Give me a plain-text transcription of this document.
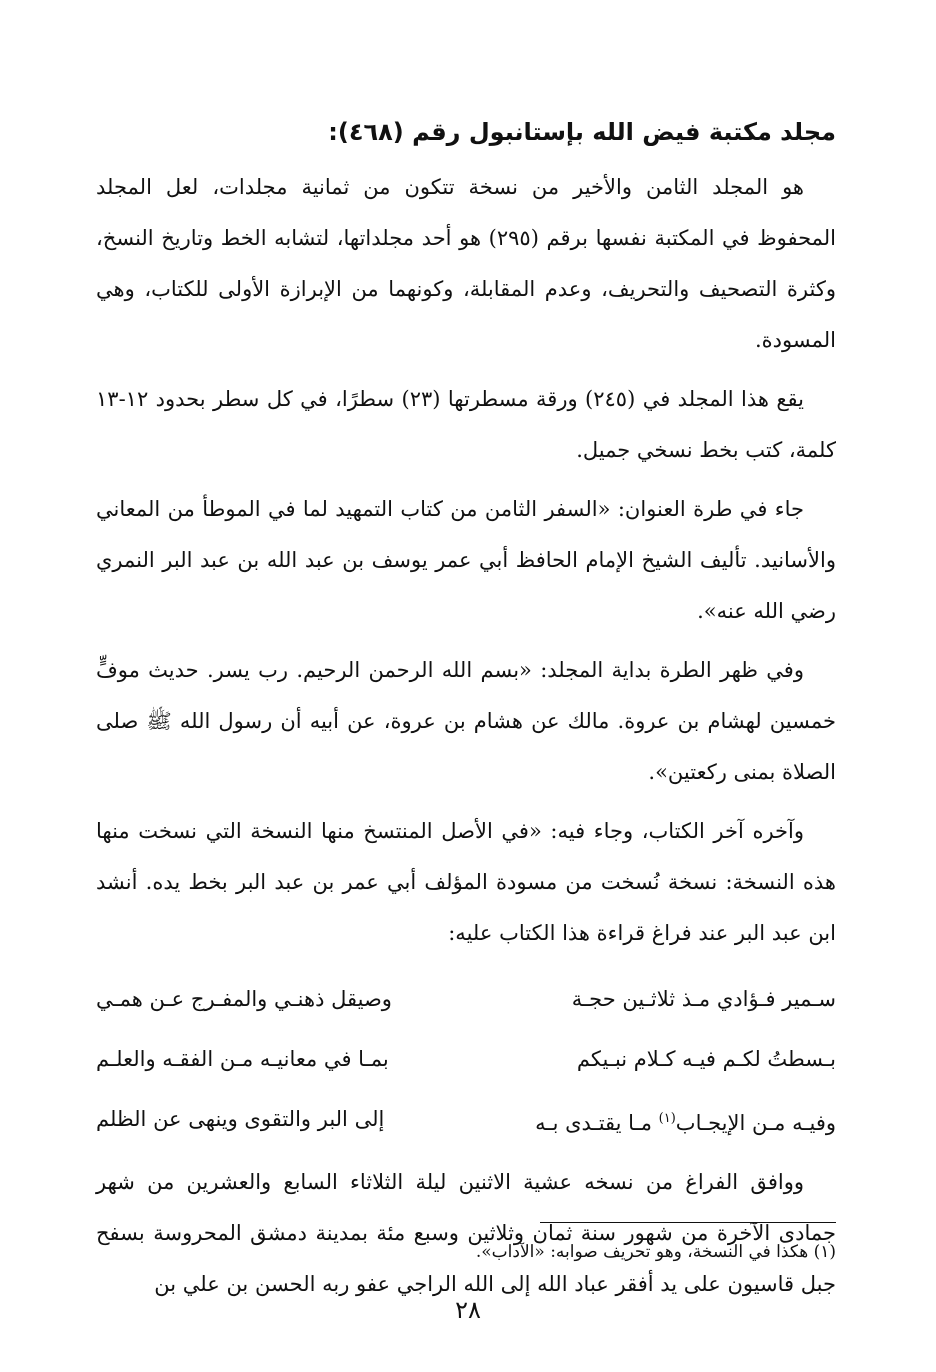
مجلد مكتبة فيض الله بإستانبول رقم (٤٦٨):

هو المجلد الثامن والأخير من نسخة تتكون من ثمانية مجلدات، لعل المجلد المحفوظ في المكتبة نفسها برقم (٢٩٥) هو أحد مجلداتها، لتشابه الخط وتاريخ النسخ، وكثرة التصحيف والتحريف، وعدم المقابلة، وكونهما من الإبرازة الأولى للكتاب، وهي المسودة.

يقع هذا المجلد في (٢٤٥) ورقة مسطرتها (٢٣) سطرًا، في كل سطر بحدود ١٢-١٣ كلمة، كتب بخط نسخي جميل.

جاء في طرة العنوان: «السفر الثامن من كتاب التمهيد لما في الموطأ من المعاني والأسانيد. تأليف الشيخ الإمام الحافظ أبي عمر يوسف بن عبد الله بن عبد البر النمري رضي الله عنه».

وفي ظهر الطرة بداية المجلد: «بسم الله الرحمن الرحيم. رب يسر. حديث موفٍّ خمسين لهشام بن عروة. مالك عن هشام بن عروة، عن أبيه أن رسول الله ﷺ صلى الصلاة بمنى ركعتين».

وآخره آخر الكتاب، وجاء فيه: «في الأصل المنتسخ منها النسخة التي نسخت منها هذه النسخة: نسخة نُسخت من مسودة المؤلف أبي عمر بن عبد البر بخط يده. أنشد ابن عبد البر عند فراغ قراءة هذا الكتاب عليه:

سـمير فـؤادي مـذ ثلاثـين حجـة
وصيقل ذهنـي والمفـرج عـن همـي
بـسطتُ لكـم فيـه كـلام نبـيكم
بمـا في معانيـه مـن الفقـه والعلـم
وفيـه مـن الإيجـاب$^{(١)}$ مـا يقتـدى بـه
إلى البر والتقوى وينهى عن الظلم

ووافق الفراغ من نسخه عشية الاثنين ليلة الثلاثاء السابع والعشرين من شهر جمادى الآخرة من شهور سنة ثمان وثلاثين وسبع مئة بمدينة دمشق المحروسة بسفح جبل قاسيون على يد أفقر عباد الله إلى الله الراجي عفو ربه الحسن بن علي بن

(١) هكذا في النسخة، وهو تحريف صوابه: «الآداب».
٢٨
